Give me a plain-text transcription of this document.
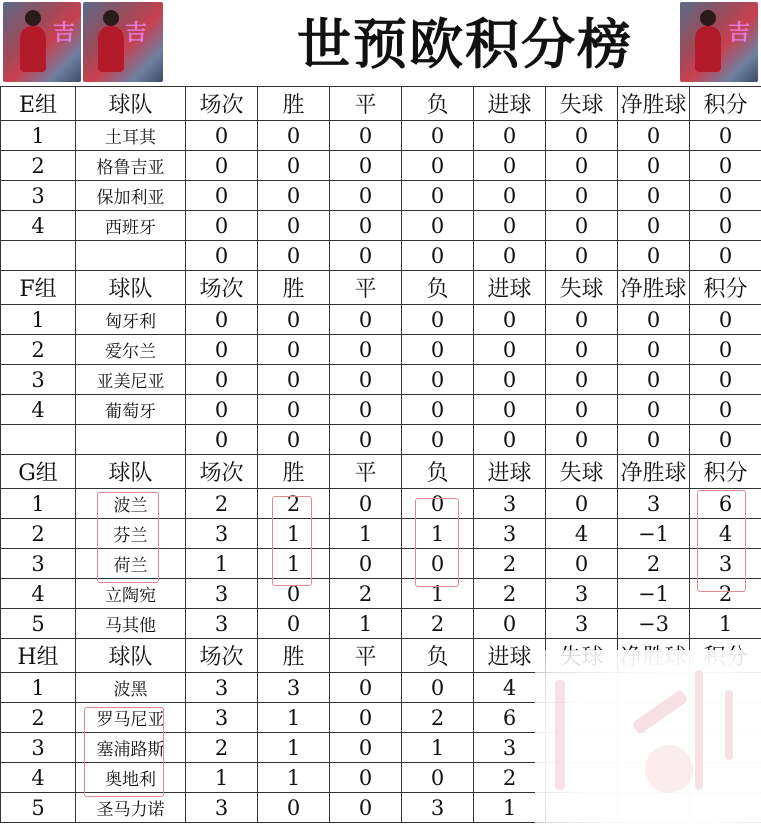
吉 吉	世预欧积分榜	吉
E组	球队	场次	胜	平	负	进球	失球	净胜球	积分
1	土耳其	0	0	0	0	0	0	0	0
2	格鲁吉亚	0	0	0	0	0	0	0	0
3	保加利亚	0	0	0	0	0	0	0	0
4	西班牙	0	0	0	0	0	0	0	0
		0	0	0	0	0	0	0	0
F组	球队	场次	胜	平	负	进球	失球	净胜球	积分
1	匈牙利	0	0	0	0	0	0	0	0
2	爱尔兰	0	0	0	0	0	0	0	0
3	亚美尼亚	0	0	0	0	0	0	0	0
4	葡萄牙	0	0	0	0	0	0	0	0
		0	0	0	0	0	0	0	0
G组	球队	场次	胜	平	负	进球	失球	净胜球	积分
1	波兰	2	2	0	0	3	0	3	6
2	芬兰	3	1	1	1	3	4	−1	4
3	荷兰	1	1	0	0	2	0	2	3
4	立陶宛	3	0	2	1	2	3	−1	2
5	马其他	3	0	1	2	0	3	−3	1
H组	球队	场次	胜	平	负	进球			
1	波黑	3	3	0	0	4			
2	罗马尼亚	3	1	0	2	6			
3	塞浦路斯	2	1	0	1	3			
4	奥地利	1	1	0	0	2			
5	圣马力诺	3	0	0	3	1			
